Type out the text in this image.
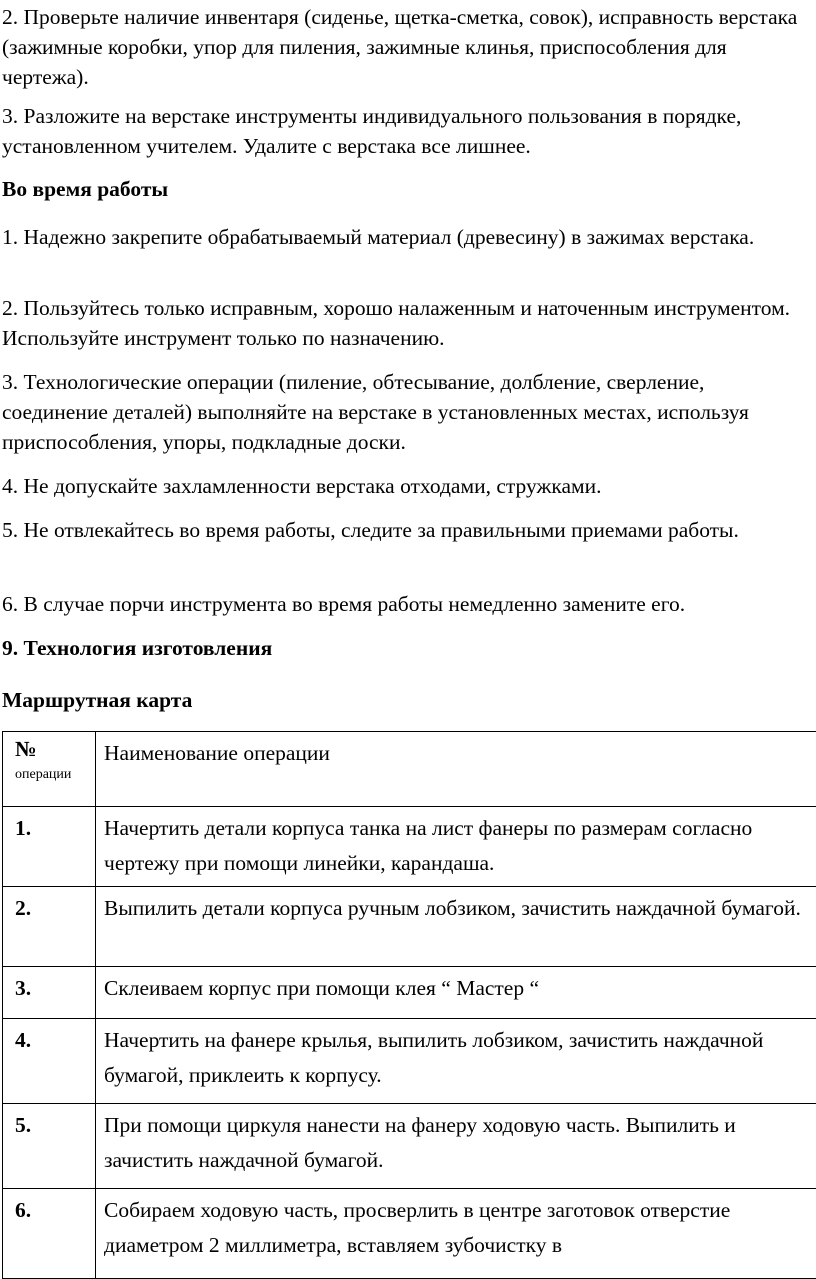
2. Проверьте наличие инвентаря (сиденье, щетка-сметка, совок), исправность верстака (зажимные коробки, упор для пиления, зажимные клинья, приспособления для чертежа).

3. Разложите на верстаке инструменты индивидуального пользования в порядке, установленном учителем. Удалите с верстака все лишнее.

Во время работы

1. Надежно закрепите обрабатываемый материал (древесину) в зажимах верстака.

2. Пользуйтесь только исправным, хорошо налаженным и наточенным инструментом. Используйте инструмент только по назначению.

3. Технологические операции (пиление, обтесывание, долбление, сверление, соединение деталей) выполняйте на верстаке в установленных местах, используя приспособления, упоры, подкладные доски.

4. Не допускайте захламленности верстака отходами, стружками.

5. Не отвлекайтесь во время работы, следите за правильными приемами работы.

6. В случае порчи инструмента во время работы немедленно замените его.

9. Технология изготовления

Маршрутная карта

№
операции	Наименование операции
1.	Начертить детали корпуса танка на лист фанеры по размерам согласно чертежу при помощи линейки, карандаша.
2.	Выпилить детали корпуса ручным лобзиком, зачистить наждачной бумагой.
3.	Склеиваем корпус при помощи клея “ Мастер “
4.	Начертить на фанере крылья, выпилить лобзиком, зачистить наждачной бумагой, приклеить к корпусу.
5.	При помощи циркуля нанести на фанеру ходовую часть. Выпилить и зачистить наждачной бумагой.
6.	Собираем ходовую часть, просверлить в центре заготовок отверстие диаметром 2 миллиметра, вставляем зубочистку в
